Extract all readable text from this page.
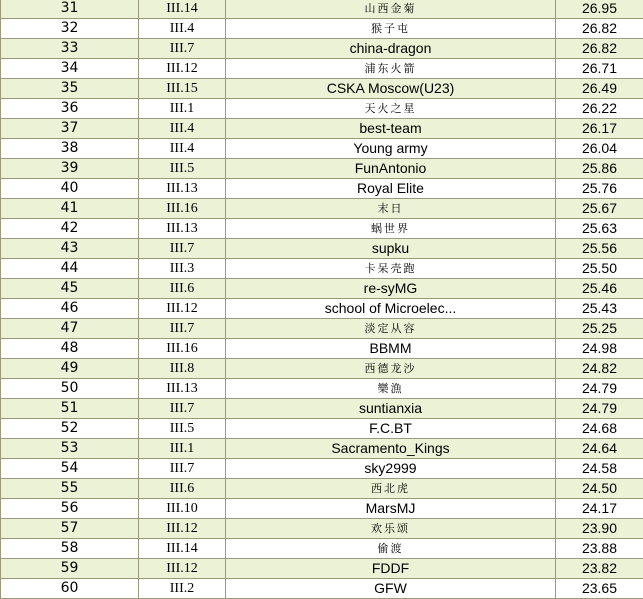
31	III.14	山西金菊	26.95
32	III.4	猴子屯	26.82
33	III.7	china-dragon	26.82
34	III.12	浦东火箭	26.71
35	III.15	CSKA Moscow(U23)	26.49
36	III.1	天火之星	26.22
37	III.4	best-team	26.17
38	III.4	Young army	26.04
39	III.5	FunAntonio	25.86
40	III.13	Royal Elite	25.76
41	III.16	末日	25.67
42	III.13	蜗世界	25.63
43	III.7	supku	25.56
44	III.3	卡呆壳跑	25.50
45	III.6	re-syMG	25.46
46	III.12	school of Microelec...	25.43
47	III.7	淡定从容	25.25
48	III.16	BBMM	24.98
49	III.8	西德龙沙	24.82
50	III.13	樂漁	24.79
51	III.7	suntianxia	24.79
52	III.5	F.C.BT	24.68
53	III.1	Sacramento_Kings	24.64
54	III.7	sky2999	24.58
55	III.6	西北虎	24.50
56	III.10	MarsMJ	24.17
57	III.12	欢乐颂	23.90
58	III.14	偷渡	23.88
59	III.12	FDDF	23.82
60	III.2	GFW	23.65
